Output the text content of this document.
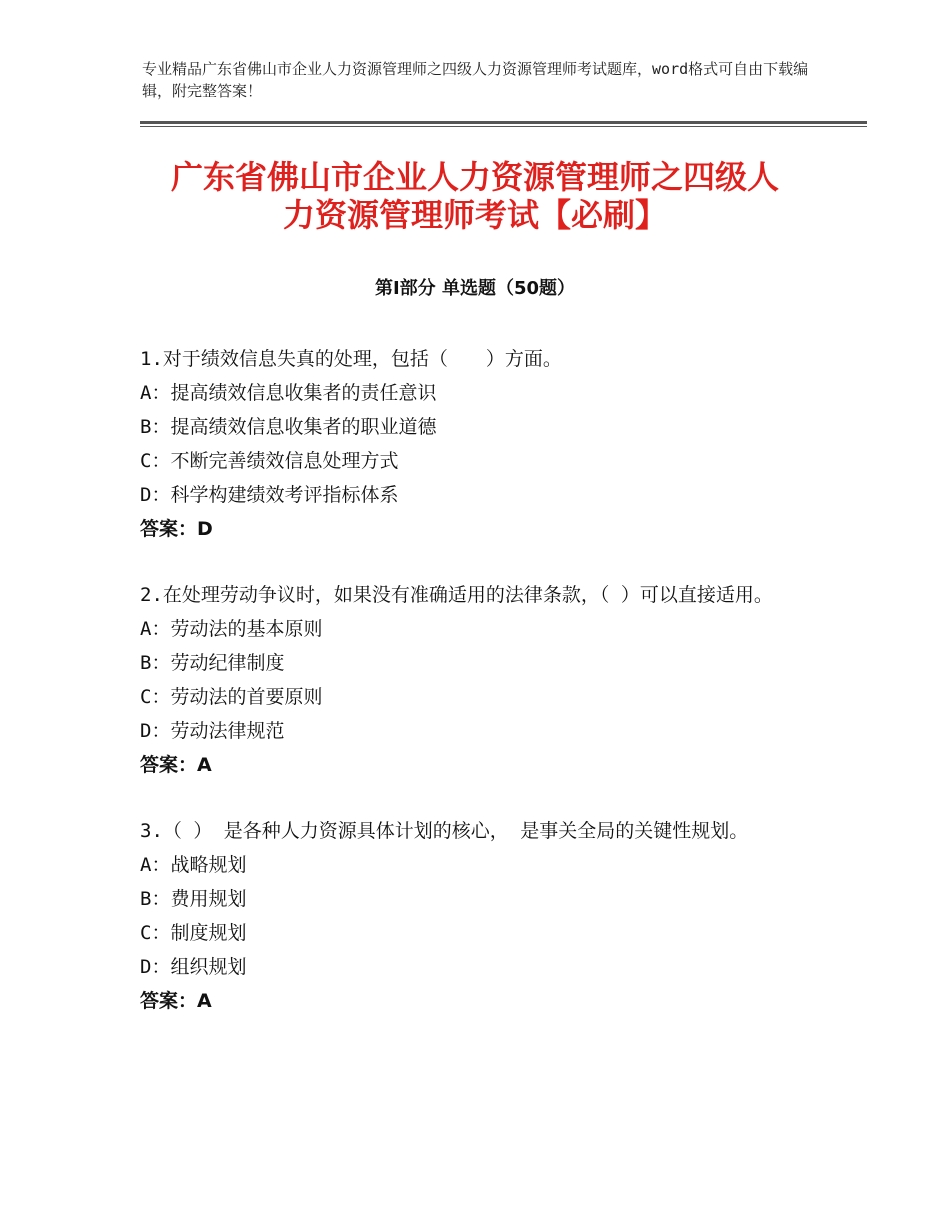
专业精品广东省佛山市企业人力资源管理师之四级人力资源管理师考试题库，word格式可自由下载编辑，附完整答案！
广东省佛山市企业人力资源管理师之四级人
力资源管理师考试【必刷】
第Ⅰ部分 单选题（50题）

1.对于绩效信息失真的处理，包括（　　）方面。

A：提高绩效信息收集者的责任意识

B：提高绩效信息收集者的职业道德

C：不断完善绩效信息处理方式

D：科学构建绩效考评指标体系

答案：D

2.在处理劳动争议时，如果没有准确适用的法律条款，（ ）可以直接适用。

A：劳动法的基本原则

B：劳动纪律制度

C：劳动法的首要原则

D：劳动法律规范

答案：A

3.（ ） 是各种人力资源具体计划的核心， 是事关全局的关键性规划。

A：战略规划

B：费用规划

C：制度规划

D：组织规划

答案：A
